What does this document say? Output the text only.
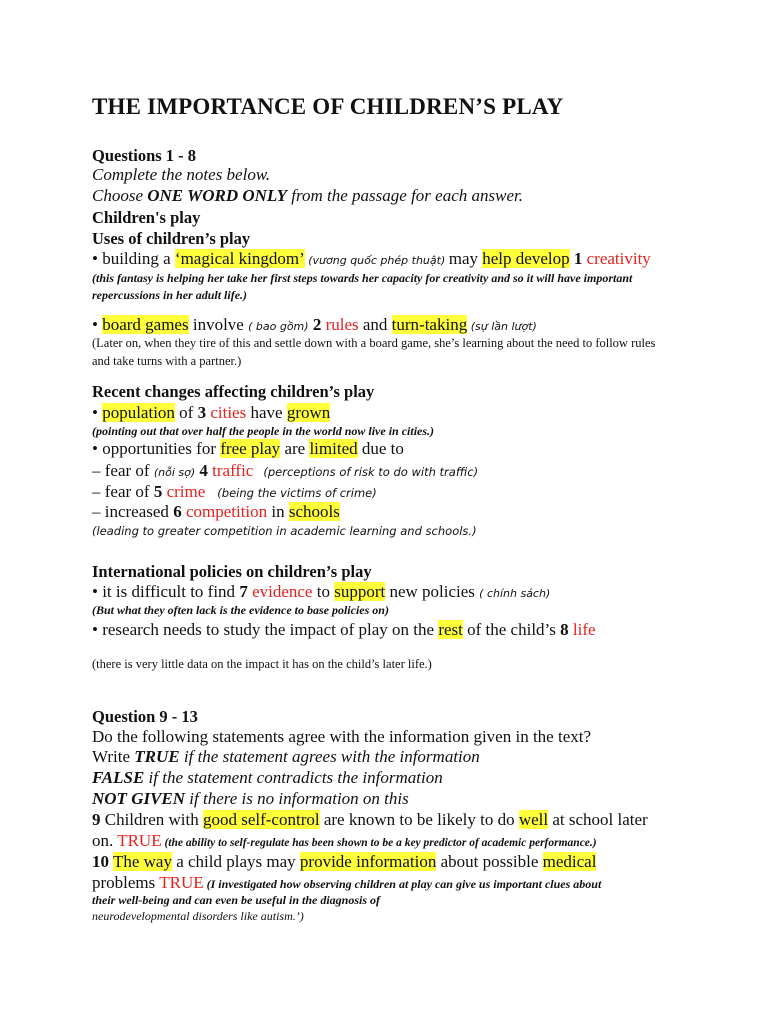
THE IMPORTANCE OF CHILDREN’S PLAY
Questions 1 - 8
Complete the notes below.
Choose ONE WORD ONLY from the passage for each answer.
Children's play
Uses of children’s play
• building a ‘magical kingdom’ (vương quốc phép thuật) may help develop 1 creativity
(this fantasy is helping her take her first steps towards her capacity for creativity and so it will have important repercussions in her adult life.)
• board games involve ( bao gồm) 2 rules and turn-taking (sự lần lượt)
(Later on, when they tire of this and settle down with a board game, she’s learning about the need to follow rules and take turns with a partner.)
Recent changes affecting children’s play
• population of 3 cities have grown
(pointing out that over half the people in the world now live in cities.)
• opportunities for free play are limited due to
– fear of (nỗi sợ) 4 traffic (perceptions of risk to do with traffic)
– fear of 5 crime (being the victims of crime)
– increased 6 competition in schools
(leading to greater competition in academic learning and schools.)
International policies on children’s play
• it is difficult to find 7 evidence to support new policies ( chính sách)
(But what they often lack is the evidence to base policies on)
• research needs to study the impact of play on the rest of the child’s 8 life
(there is very little data on the impact it has on the child’s later life.)
Question 9 - 13
Do the following statements agree with the information given in the text?
Write TRUE if the statement agrees with the information
FALSE if the statement contradicts the information
NOT GIVEN if there is no information on this
9 Children with good self-control are known to be likely to do well at school later
on. TRUE (the ability to self-regulate has been shown to be a key predictor of academic performance.)
10 The way a child plays may provide information about possible medical
problems TRUE (I investigated how observing children at play can give us important clues about
their well-being and can even be useful in the diagnosis of
neurodevelopmental disorders like autism.’)
